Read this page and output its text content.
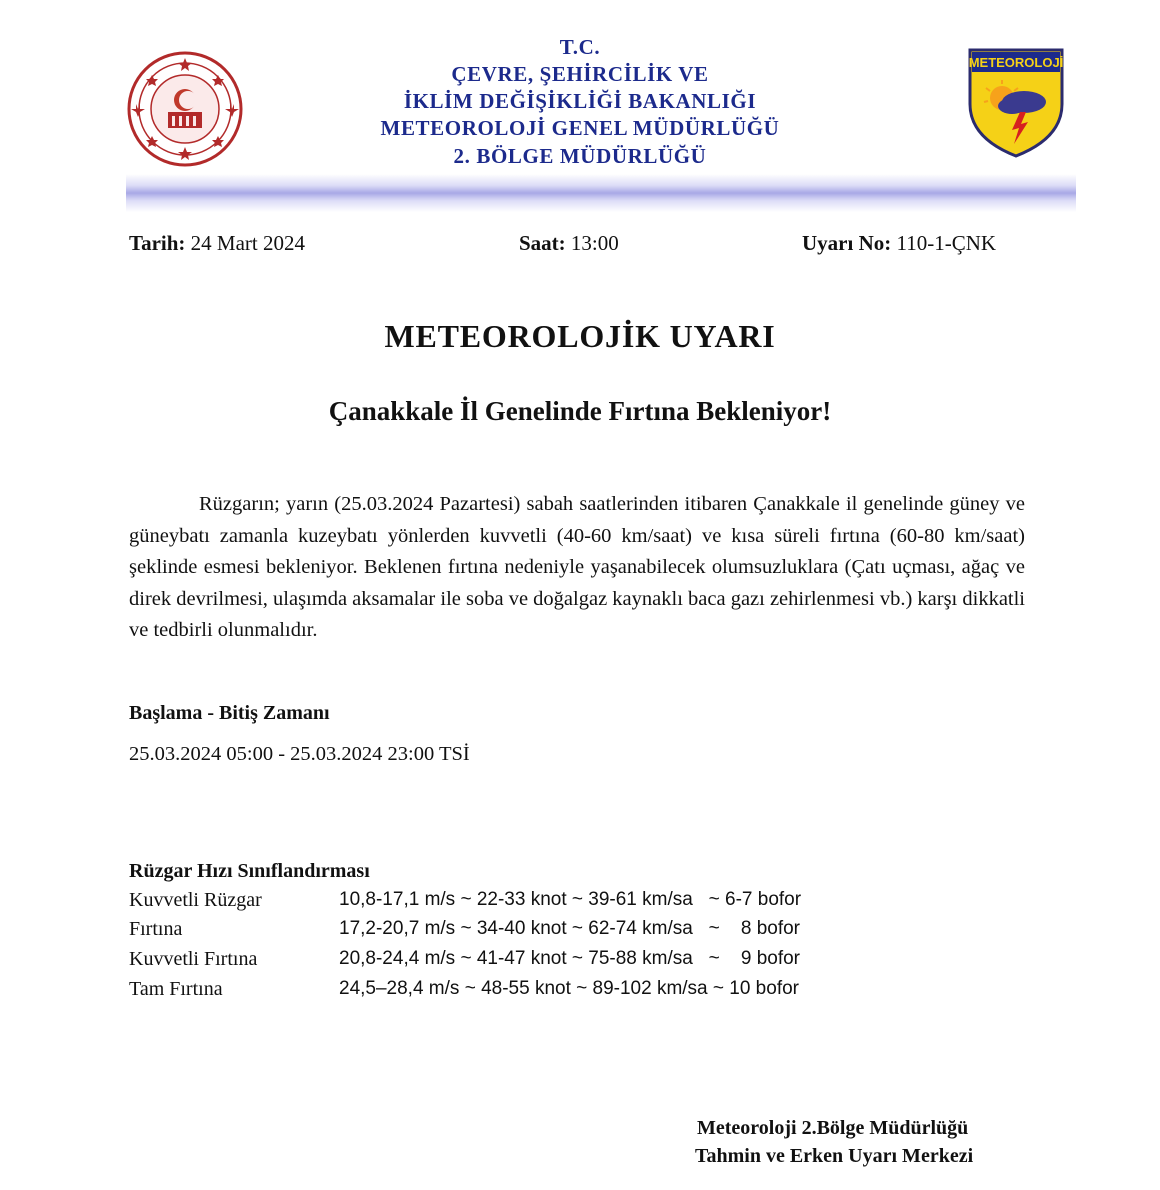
METEOROLOJİ
T.C.
ÇEVRE, ŞEHİRCİLİK VE
İKLİM DEĞİŞİKLİĞİ BAKANLIĞI
METEOROLOJİ GENEL MÜDÜRLÜĞÜ
2. BÖLGE MÜDÜRLÜĞÜ
Tarih: 24 Mart 2024	Saat: 13:00	Uyarı No: 110-1-ÇNK
METEOROLOJİK UYARI
Çanakkale İl Genelinde Fırtına Bekleniyor!
Rüzgarın; yarın (25.03.2024 Pazartesi) sabah saatlerinden itibaren Çanakkale il genelinde güney ve güneybatı zamanla kuzeybatı yönlerden kuvvetli (40-60 km/saat) ve kısa süreli fırtına (60-80 km/saat) şeklinde esmesi bekleniyor. Beklenen fırtına nedeniyle yaşanabilecek olumsuzluklara (Çatı uçması, ağaç ve direk devrilmesi, ulaşımda aksamalar ile soba ve doğalgaz kaynaklı baca gazı zehirlenmesi vb.) karşı dikkatli ve tedbirli olunmalıdır.
Başlama - Bitiş Zamanı
25.03.2024 05:00 - 25.03.2024 23:00 TSİ
Rüzgar Hızı Sınıflandırması
Kuvvetli Rüzgar	10,8-17,1 m/s ~ 22-33 knot ~ 39-61 km/sa   ~ 6-7 bofor
Fırtına	17,2-20,7 m/s ~ 34-40 knot ~ 62-74 km/sa   ~    8 bofor
Kuvvetli Fırtına	20,8-24,4 m/s ~ 41-47 knot ~ 75-88 km/sa   ~    9 bofor
Tam Fırtına	24,5–28,4 m/s ~ 48-55 knot ~ 89-102 km/sa ~ 10 bofor
Meteoroloji 2.Bölge Müdürlüğü
Tahmin ve Erken Uyarı Merkezi
